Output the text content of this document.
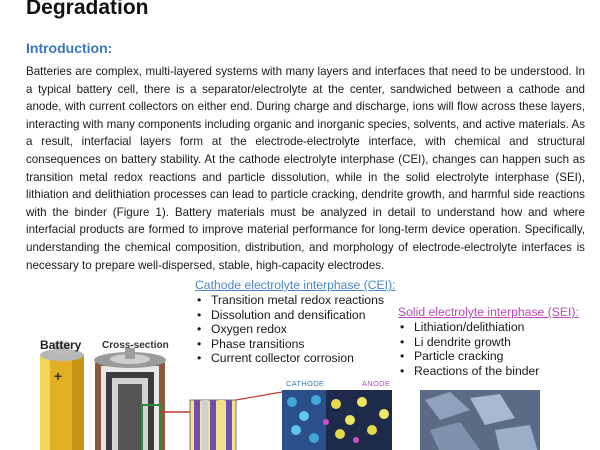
Degradation
Introduction:
Batteries are complex, multi-layered systems with many layers and interfaces that need to be understood. In a typical battery cell, there is a separator/electrolyte at the center, sandwiched between a cathode and anode, with current collectors on either end. During charge and discharge, ions will flow across these layers, interacting with many components including organic and inorganic species, solvents, and active materials. As a result, interfacial layers form at the electrode-electrolyte interface, with chemical and structural consequences on battery stability. At the cathode electrolyte interphase (CEI), changes can happen such as transition metal redox reactions and particle dissolution, while in the solid electrolyte interphase (SEI), lithiation and delithiation processes can lead to particle cracking, dendrite growth, and harmful side reactions with the binder (Figure 1). Battery materials must be analyzed in detail to understand how and where interfacial products are formed to improve material performance for long-term device operation. Specifically, understanding the chemical composition, distribution, and morphology of electrode-electrolyte interfaces is necessary to prepare well-dispersed, stable, high-capacity electrodes.
Battery Cross-section
+	CATHODE	ANODE
Cathode electrolyte interphase (CEI):
• Transition metal redox reactions
• Dissolution and densification
• Oxygen redox
• Phase transitions
• Current collector corrosion
Solid electrolyte interphase (SEI):
• Lithiation/delithiation
• Li dendrite growth
• Particle cracking
• Reactions of the binder
